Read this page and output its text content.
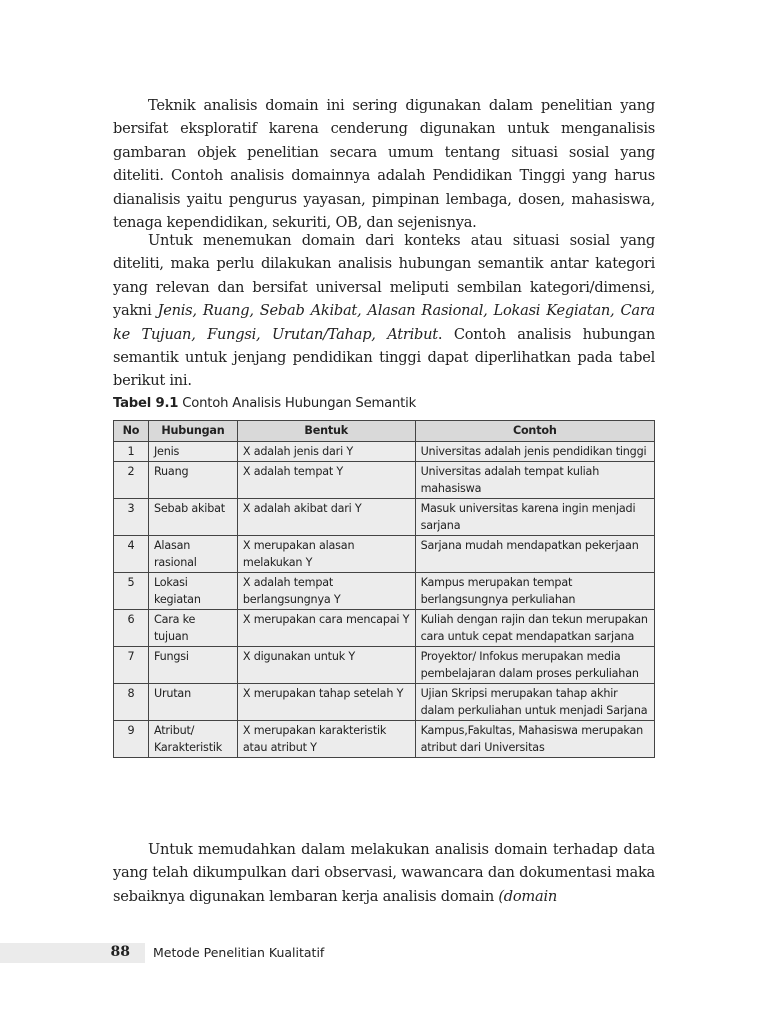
Teknik analisis domain ini sering digunakan dalam penelitian yang bersifat eksploratif karena cenderung digunakan untuk menganalisis gambaran objek penelitian secara umum tentang situasi sosial yang diteliti. Contoh analisis domainnya adalah Pendidikan Tinggi yang harus dianalisis yaitu pengurus yayasan, pimpinan lembaga, dosen, mahasiswa, tenaga kependidikan, sekuriti, OB, dan sejenisnya.

Untuk menemukan domain dari konteks atau situasi sosial yang diteliti, maka perlu dilakukan analisis hubungan semantik antar kategori yang relevan dan bersifat universal meliputi sembilan kategori/dimensi, yakni Jenis, Ruang, Sebab Akibat, Alasan Rasional, Lokasi Kegiatan, Cara ke Tujuan, Fungsi, Urutan/Tahap, Atribut. Contoh analisis hubungan semantik untuk jenjang pendidikan tinggi dapat diperlihatkan pada tabel berikut ini.

Tabel 9.1 Contoh Analisis Hubungan Semantik
No	Hubungan	Bentuk	Contoh
1	Jenis	X adalah jenis dari Y	Universitas adalah jenis pendidikan tinggi
2	Ruang	X adalah tempat Y	Universitas adalah tempat kuliah mahasiswa
3	Sebab akibat	X adalah akibat dari Y	Masuk universitas karena ingin menjadi sarjana
4	Alasan rasional	X merupakan alasan melakukan Y	Sarjana mudah mendapatkan pekerjaan
5	Lokasi kegiatan	X adalah tempat berlangsungnya Y	Kampus merupakan tempat berlangsungnya perkuliahan
6	Cara ke tujuan	X merupakan cara mencapai Y	Kuliah dengan rajin dan tekun merupakan cara untuk cepat mendapatkan sarjana
7	Fungsi	X digunakan untuk Y	Proyektor/ Infokus merupakan media pembelajaran dalam proses perkuliahan
8	Urutan	X merupakan tahap setelah Y	Ujian Skripsi merupakan tahap akhir dalam perkuliahan untuk menjadi Sarjana
9	Atribut/ Karakteristik	X merupakan karakteristik atau atribut Y	Kampus,Fakultas, Mahasiswa merupakan atribut dari Universitas

Untuk memudahkan dalam melakukan analisis domain terhadap data yang telah dikumpulkan dari observasi, wawancara dan dokumentasi maka sebaiknya digunakan lembaran kerja analisis domain (domain

88 Metode Penelitian Kualitatif
